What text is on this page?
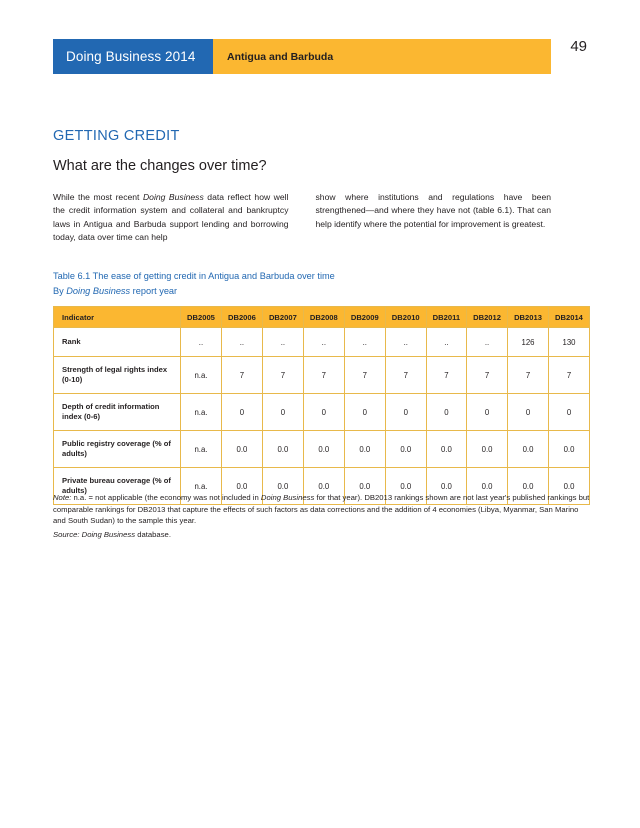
Doing Business 2014	Antigua and Barbuda
49
GETTING CREDIT
What are the changes over time?
While the most recent Doing Business data reflect how well the credit information system and collateral and bankruptcy laws in Antigua and Barbuda support lending and borrowing today, data over time can help
show where institutions and regulations have been strengthened—and where they have not (table 6.1). That can help identify where the potential for improvement is greatest.
Table 6.1 The ease of getting credit in Antigua and Barbuda over time
By Doing Business report year
Indicator	DB2005	DB2006	DB2007	DB2008	DB2009	DB2010	DB2011	DB2012	DB2013	DB2014
Rank	..	..	..	..	..	..	..	..	126	130
Strength of legal rights index (0-10)	n.a.	7	7	7	7	7	7	7	7	7
Depth of credit information index (0-6)	n.a.	0	0	0	0	0	0	0	0	0
Public registry coverage (% of adults)	n.a.	0.0	0.0	0.0	0.0	0.0	0.0	0.0	0.0	0.0
Private bureau coverage (% of adults)	n.a.	0.0	0.0	0.0	0.0	0.0	0.0	0.0	0.0	0.0
Note: n.a. = not applicable (the economy was not included in Doing Business for that year). DB2013 rankings shown are not last year's published rankings but comparable rankings for DB2013 that capture the effects of such factors as data corrections and the addition of 4 economies (Libya, Myanmar, San Marino and South Sudan) to the sample this year.
Source: Doing Business database.
